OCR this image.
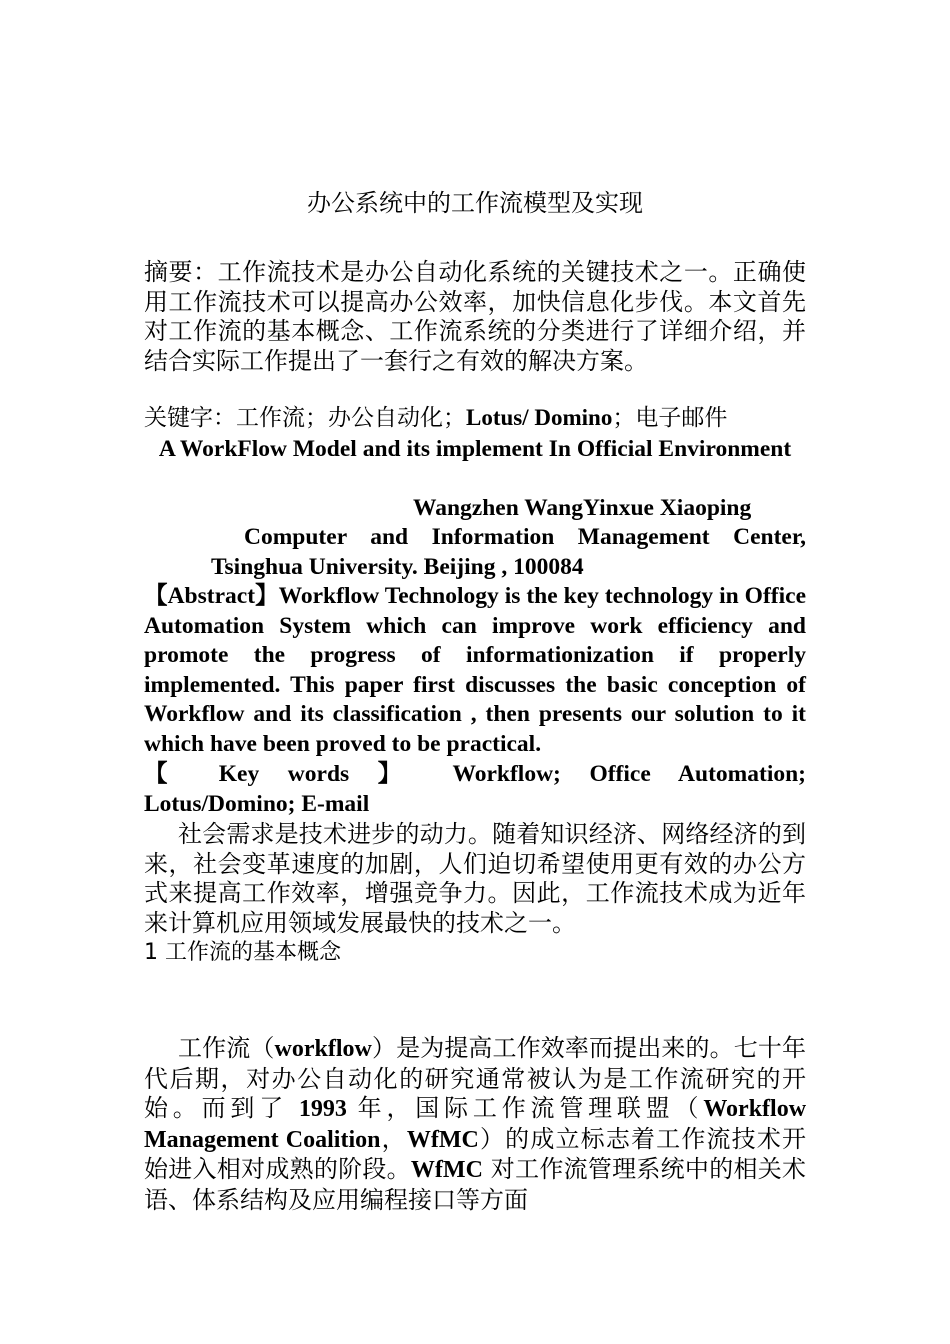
办公系统中的工作流模型及实现
摘要：工作流技术是办公自动化系统的关键技术之一。正确使用工作流技术可以提高办公效率，加快信息化步伐。本文首先对工作流的基本概念、工作流系统的分类进行了详细介绍，并结合实际工作提出了一套行之有效的解决方案。
关键字：工作流；办公自动化；Lotus/ Domino；电子邮件
A WorkFlow Model and its implement In Official Environment
Wangzhen WangYinxue Xiaoping
Computer and Information Management Center,
Tsinghua University. Beijing , 100084
【Abstract】Workflow Technology is the key technology in Office Automation System which can improve work efficiency and promote the progress of informationization if properly implemented. This paper first discusses the basic conception of Workflow and its classification , then presents our solution to it which have been proved to be practical.
【 Key words 】 Workflow; Office Automation;
Lotus/Domino; E-mail
社会需求是技术进步的动力。随着知识经济、网络经济的到来，社会变革速度的加剧，人们迫切希望使用更有效的办公方式来提高工作效率，增强竞争力。因此，工作流技术成为近年来计算机应用领域发展最快的技术之一。
1 工作流的基本概念
工作流（workflow）是为提高工作效率而提出来的。七十年代后期，对办公自动化的研究通常被认为是工作流研究的开始。而到了 1993 年，国际工作流管理联盟（Workflow Management Coalition，WfMC）的成立标志着工作流技术开始进入相对成熟的阶段。WfMC 对工作流管理系统中的相关术语、体系结构及应用编程接口等方面
